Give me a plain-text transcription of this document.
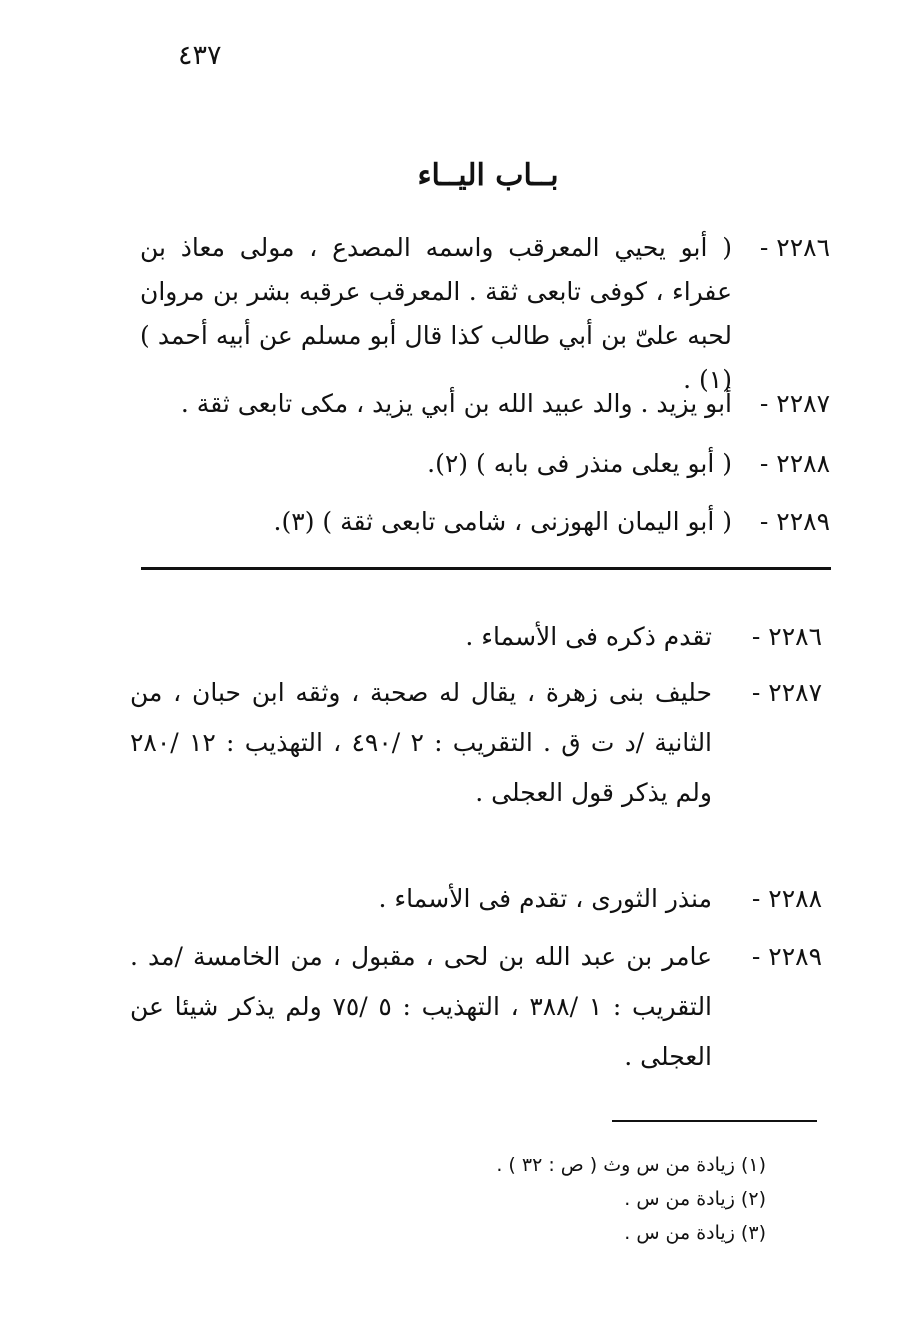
٤٣٧
بــاب اليــاء
٢٢٨٦ -
( أبو يحيي المعرقب واسمه المصدع ، مولى معاذ بن عفراء ، كوفى تابعى ثقة . المعرقب عرقبه بشر بن مروان لحبه علىّ بن أبي طالب كذا قال أبو مسلم عن أبيه أحمد ) (١) .
٢٢٨٧ -
أبو يزيد . والد عبيد الله بن أبي يزيد ، مكى تابعى ثقة .
٢٢٨٨ -
( أبو يعلى منذر فى بابه ) (٢).
٢٢٨٩ -
( أبو اليمان الهوزنى ، شامى تابعى ثقة ) (٣).
٢٢٨٦ -
تقدم ذكره فى الأسماء .
٢٢٨٧ -
حليف بنى زهرة ، يقال له صحبة ، وثقه ابن حبان ، من الثانية /د ت ق . التقريب : ٢ /٤٩٠ ، التهذيب : ١٢ /٢٨٠ ولم يذكر قول العجلى .
٢٢٨٨ -
منذر الثورى ، تقدم فى الأسماء .
٢٢٨٩ -
عامر بن عبد الله بن لحى ، مقبول ، من الخامسة /مد . التقريب : ١ /٣٨٨ ، التهذيب : ٥ /٧٥ ولم يذكر شيئا عن العجلى .
(١) زيادة من س وث ( ص : ٣٢ ) .
(٢) زيادة من س .
(٣) زيادة من س .
